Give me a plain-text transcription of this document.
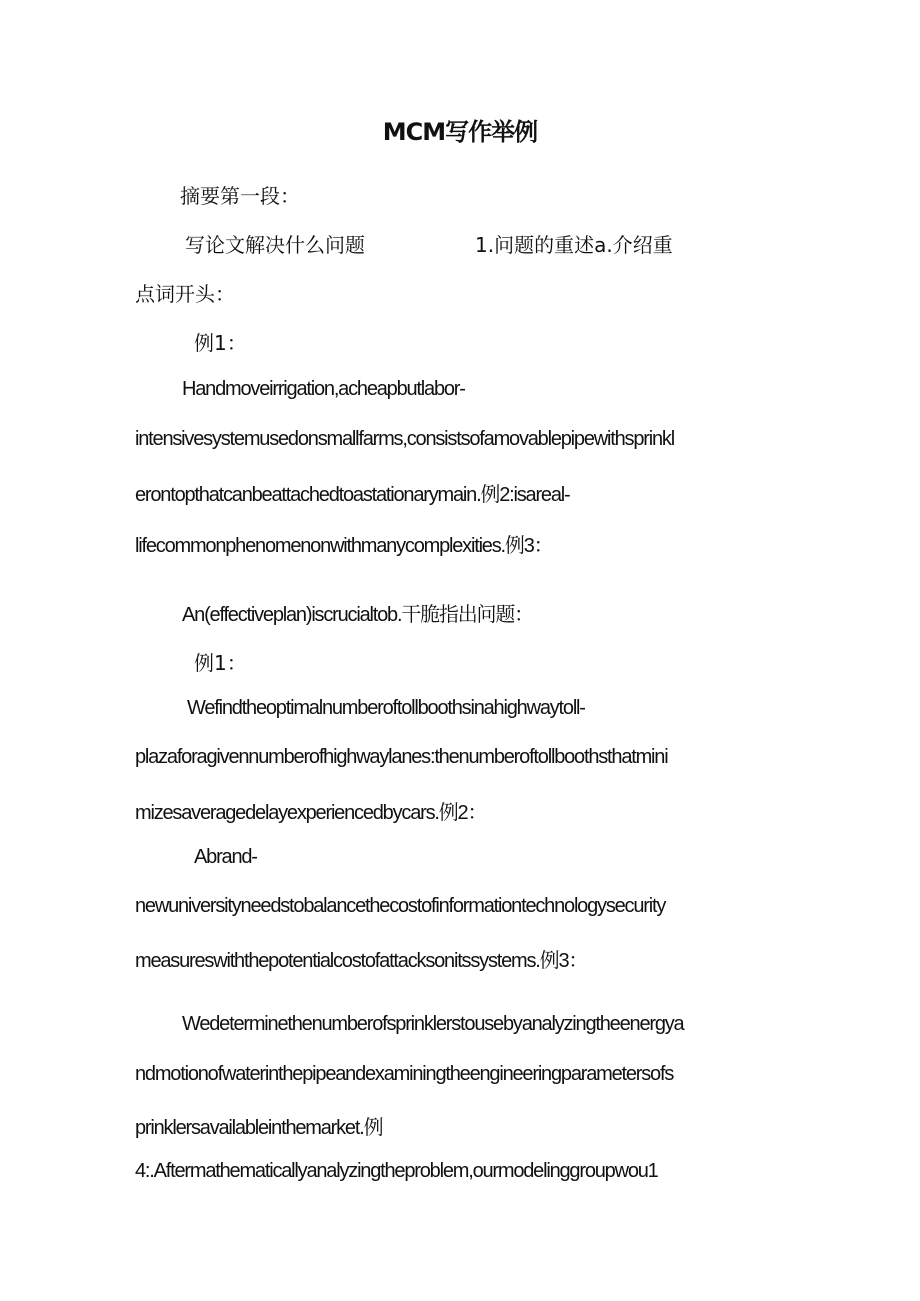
MCM写作举例
摘要第一段：
写论文解决什么问题	1.问题的重述a.介绍重
点词开头：
例1：
Handmoveirrigation,acheapbutlabor-
intensivesystemusedonsmallfarms,consistsofamovablepipewithsprinkl
erontopthatcanbeattachedtoastationarymain.例2:isareal-
lifecommonphenomenonwithmanycomplexities.例3：
An(effectiveplan)iscrucialtob.干脆指出问题：
例1：
Wefindtheoptimalnumberoftollboothsinahighwaytoll-
plazaforagivennumberofhighwaylanes:thenumberoftollboothsthatmini
mizesaveragedelayexperiencedbycars.例2：
Abrand-
newuniversityneedstobalancethecostofinformationtechnologysecurity
measureswiththepotentialcostofattacksonitssystems.例3：
Wedeterminethenumberofsprinklerstousebyanalyzingtheenergya
ndmotionofwaterinthepipeandexaminingtheengineeringparametersofs
prinklersavailableinthemarket.例
4:.Aftermathematicallyanalyzingtheproblem,ourmodelinggroupwou1
